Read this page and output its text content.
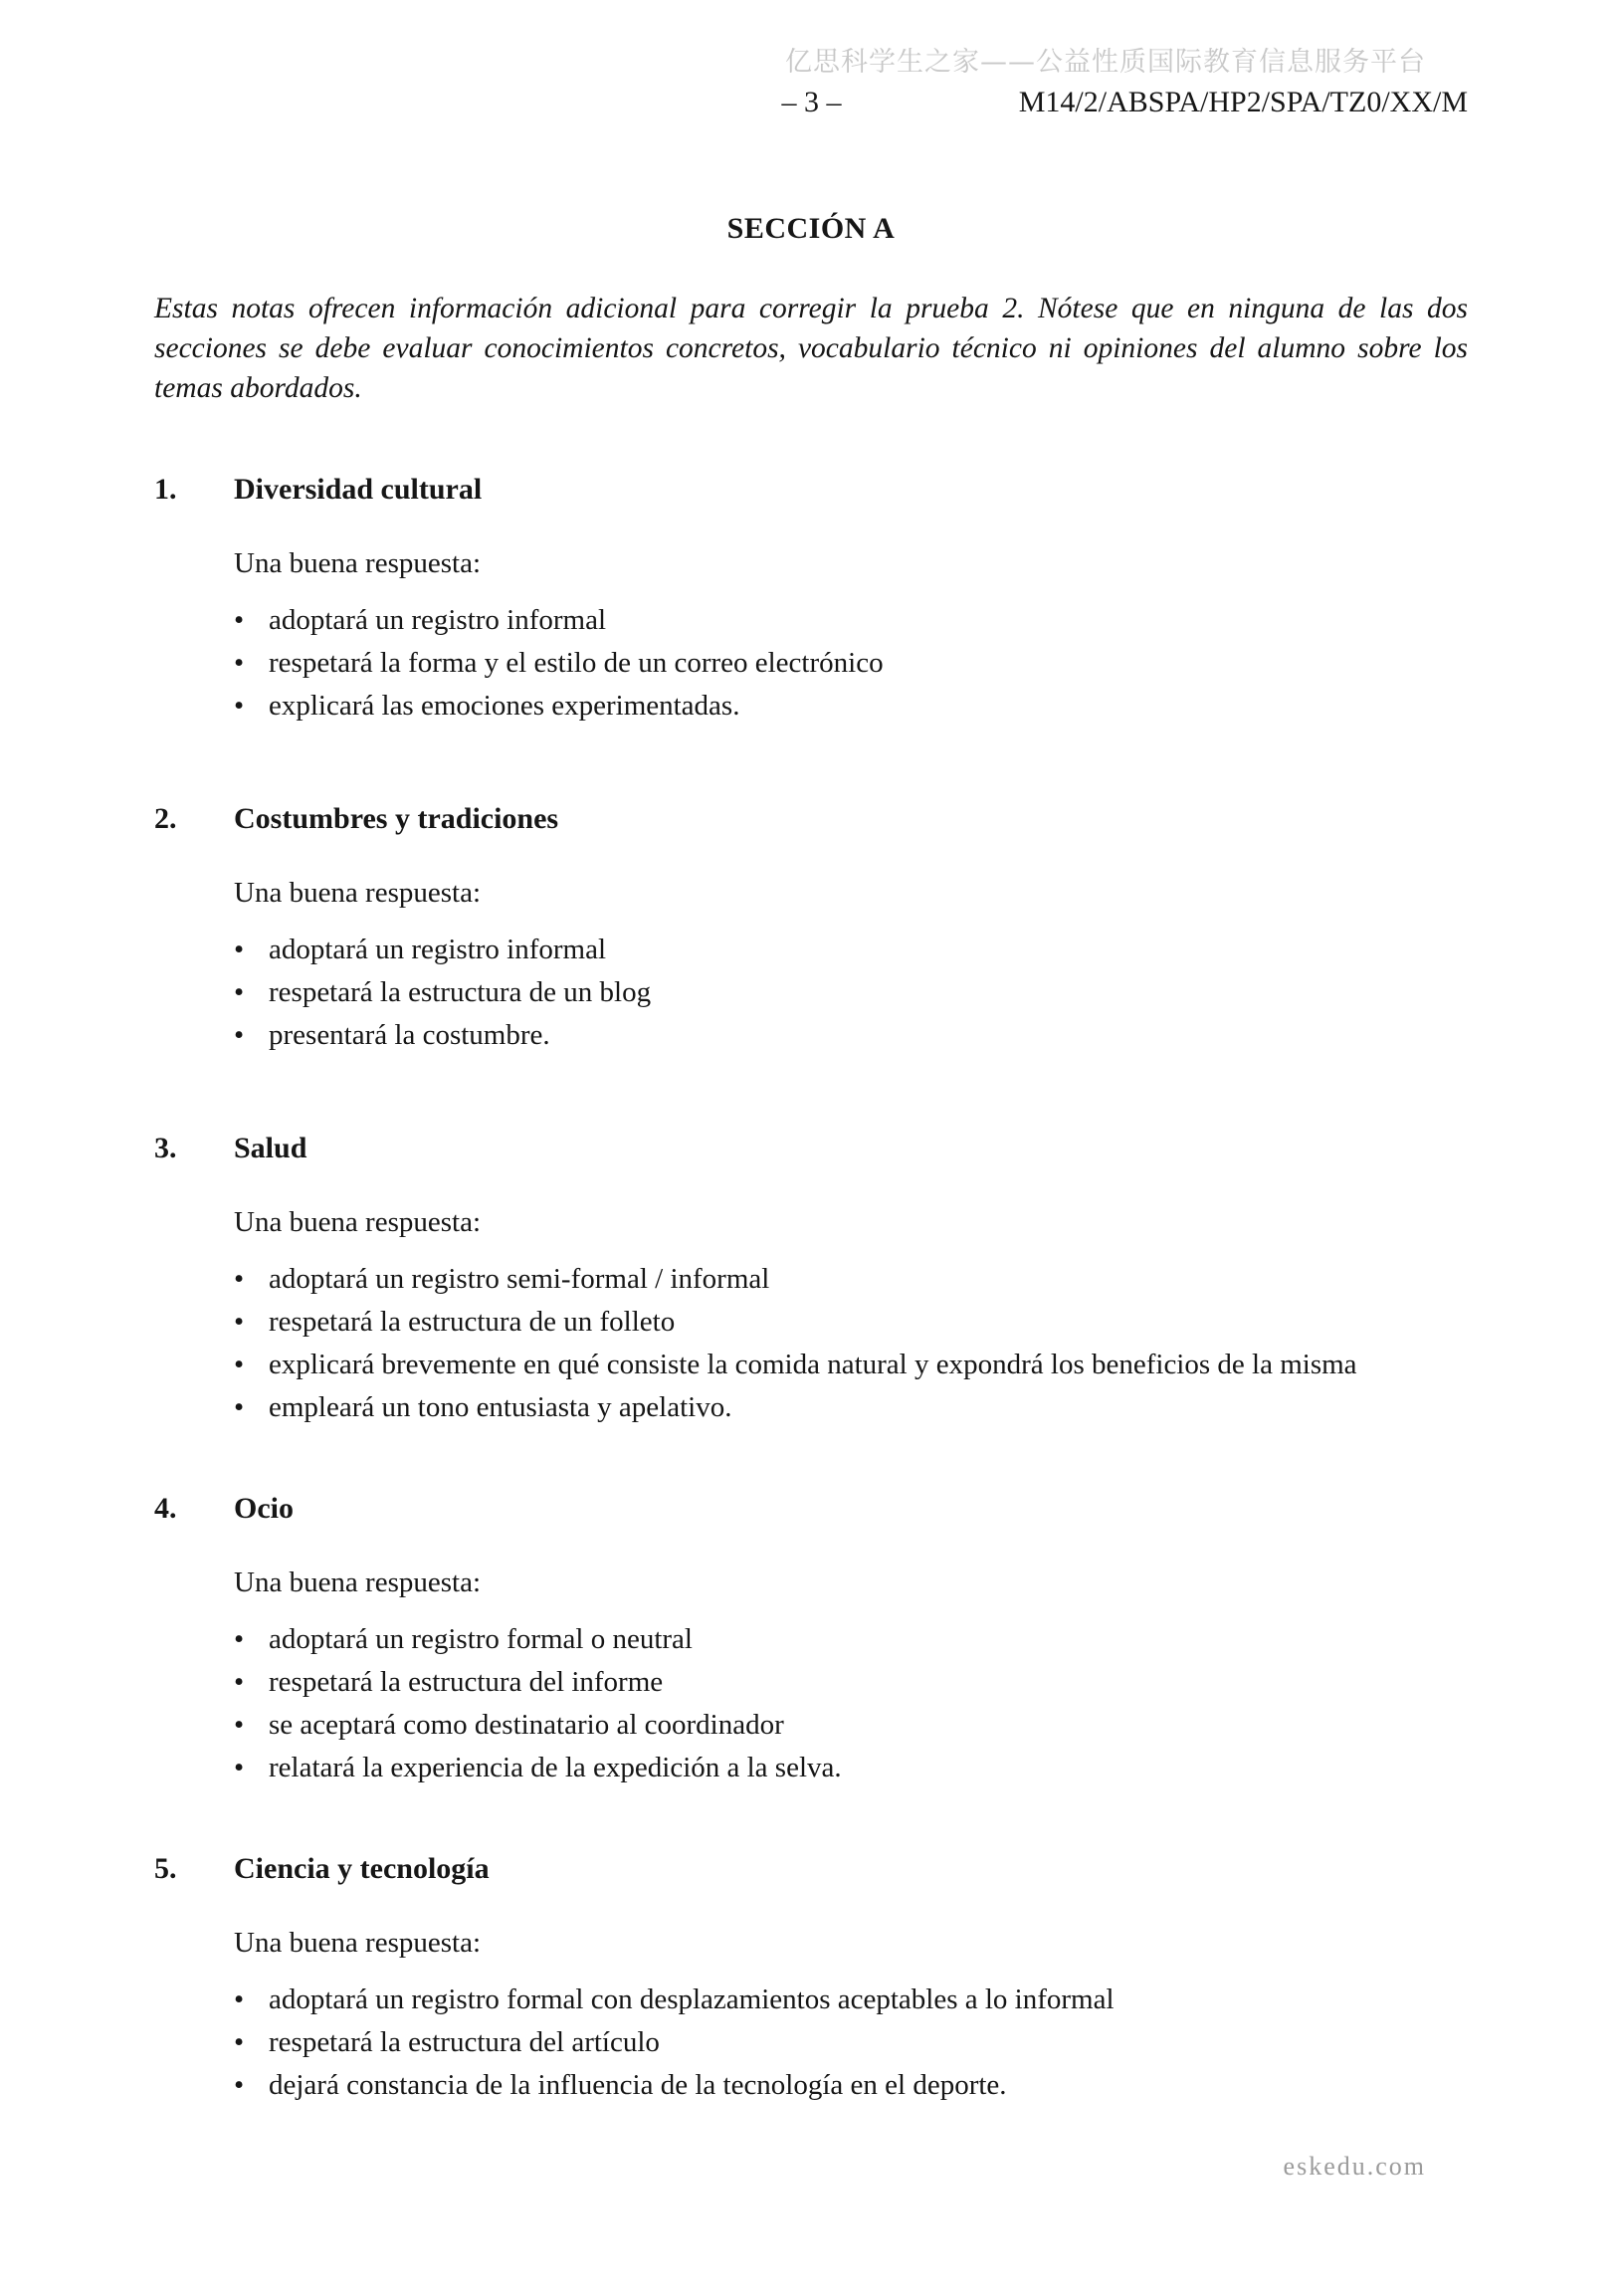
亿思科学生之家——公益性质国际教育信息服务平台
– 3 –	M14/2/ABSPA/HP2/SPA/TZ0/XX/M
SECCIÓN A

Estas notas ofrecen información adicional para corregir la prueba 2. Nótese que en ninguna de las dos secciones se debe evaluar conocimientos concretos, vocabulario técnico ni opiniones del alumno sobre los temas abordados.

1.	Diversidad cultural
Una buena respuesta:
• adoptará un registro informal
• respetará la forma y el estilo de un correo electrónico
• explicará las emociones experimentadas.
2.	Costumbres y tradiciones
Una buena respuesta:
• adoptará un registro informal
• respetará la estructura de un blog
• presentará la costumbre.
3.	Salud
Una buena respuesta:
• adoptará un registro semi-formal / informal
• respetará la estructura de un folleto
• explicará brevemente en qué consiste la comida natural y expondrá los beneficios de la misma
• empleará un tono entusiasta y apelativo.
4.	Ocio
Una buena respuesta:
• adoptará un registro formal o neutral
• respetará la estructura del informe
• se aceptará como destinatario al coordinador
• relatará la experiencia de la expedición a la selva.
5.	Ciencia y tecnología
Una buena respuesta:
• adoptará un registro formal con desplazamientos aceptables a lo informal
• respetará la estructura del artículo
• dejará constancia de la influencia de la tecnología en el deporte.
eskedu.com
